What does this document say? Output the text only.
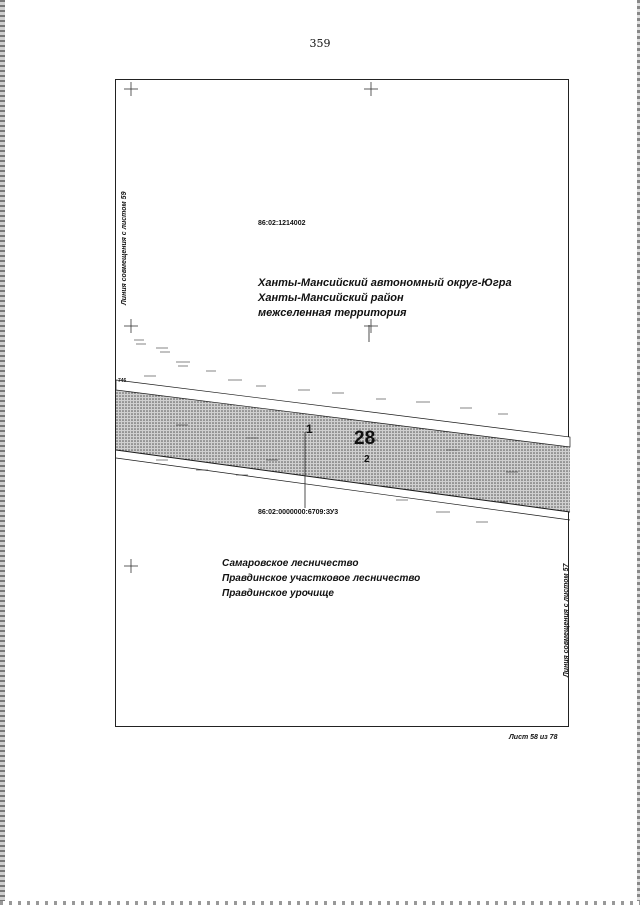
359
86:02:1214002
Ханты-Мансийский автономный округ-Югра
Ханты-Мансийский район
межселенная территория
746
1 28
2
86:02:0000000:6709:ЗУ3
Самаровское лесничество
Правдинское участковое лесничество
Правдинское урочище
Линия совмещения с листом 59
Линия совмещения с листом 57
Лист 58 из 78
